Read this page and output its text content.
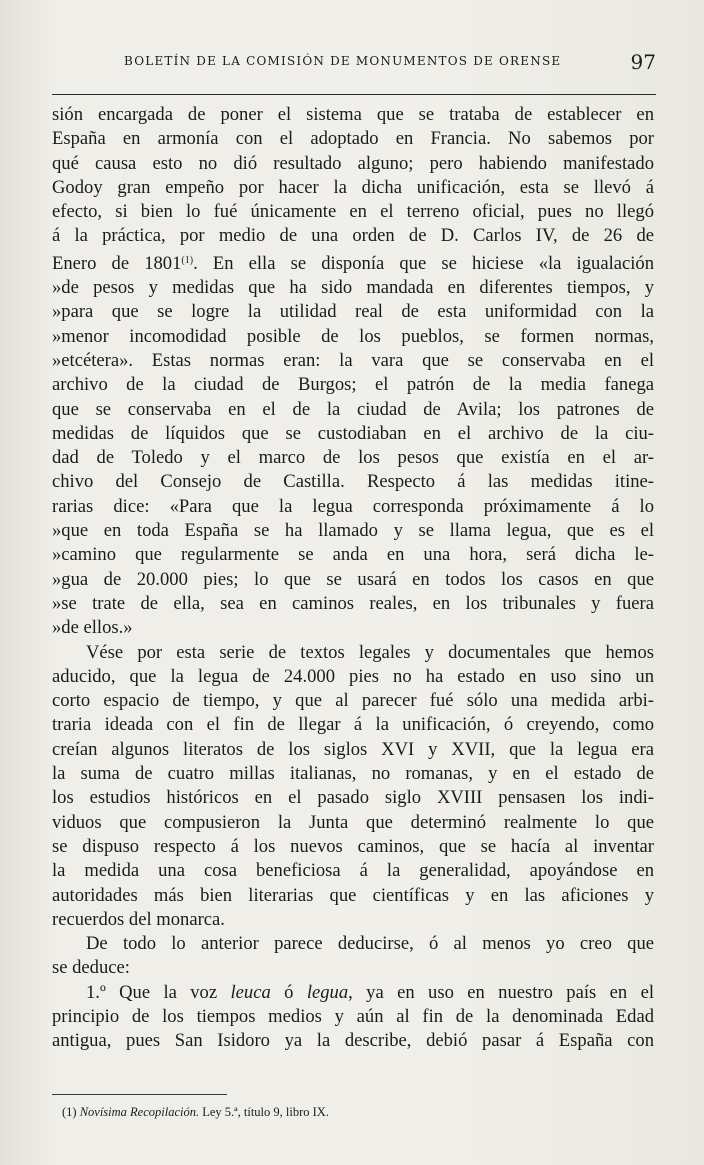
BOLETÍN DE LA COMISIÓN DE MONUMENTOS DE ORENSE	97
sión encargada de poner el sistema que se trataba de establecer en
España en armonía con el adoptado en Francia. No sabemos por
qué causa esto no dió resultado alguno; pero habiendo manifestado
Godoy gran empeño por hacer la dicha unificación, esta se llevó á
efecto, si bien lo fué únicamente en el terreno oficial, pues no llegó
á la práctica, por medio de una orden de D. Carlos IV, de 26 de
Enero de 1801$^{(1)}$. En ella se disponía que se hiciese «la igualación
»de pesos y medidas que ha sido mandada en diferentes tiempos, y
»para que se logre la utilidad real de esta uniformidad con la
»menor incomodidad posible de los pueblos, se formen normas,
»etcétera». Estas normas eran: la vara que se conservaba en el
archivo de la ciudad de Burgos; el patrón de la media fanega
que se conservaba en el de la ciudad de Avila; los patrones de
medidas de líquidos que se custodiaban en el archivo de la ciu-
dad de Toledo y el marco de los pesos que existía en el ar-
chivo del Consejo de Castilla. Respecto á las medidas itine-
rarias dice: «Para que la legua corresponda próximamente á lo
»que en toda España se ha llamado y se llama legua, que es el
»camino que regularmente se anda en una hora, será dicha le-
»gua de 20.000 pies; lo que se usará en todos los casos en que
»se trate de ella, sea en caminos reales, en los tribunales y fuera
»de ellos.»
Vése por esta serie de textos legales y documentales que hemos
aducido, que la legua de 24.000 pies no ha estado en uso sino un
corto espacio de tiempo, y que al parecer fué sólo una medida arbi-
traria ideada con el fin de llegar á la unificación, ó creyendo, como
creían algunos literatos de los siglos XVI y XVII, que la legua era
la suma de cuatro millas italianas, no romanas, y en el estado de
los estudios históricos en el pasado siglo XVIII pensasen los indi-
viduos que compusieron la Junta que determinó realmente lo que
se dispuso respecto á los nuevos caminos, que se hacía al inventar
la medida una cosa beneficiosa á la generalidad, apoyándose en
autoridades más bien literarias que científicas y en las aficiones y
recuerdos del monarca.
De todo lo anterior parece deducirse, ó al menos yo creo que
se deduce:
1.º Que la voz leuca ó legua, ya en uso en nuestro país en el
principio de los tiempos medios y aún al fin de la denominada Edad
antigua, pues San Isidoro ya la describe, debió pasar á España con
(1) Novísima Recopilación. Ley 5.ª, título 9, libro IX.
